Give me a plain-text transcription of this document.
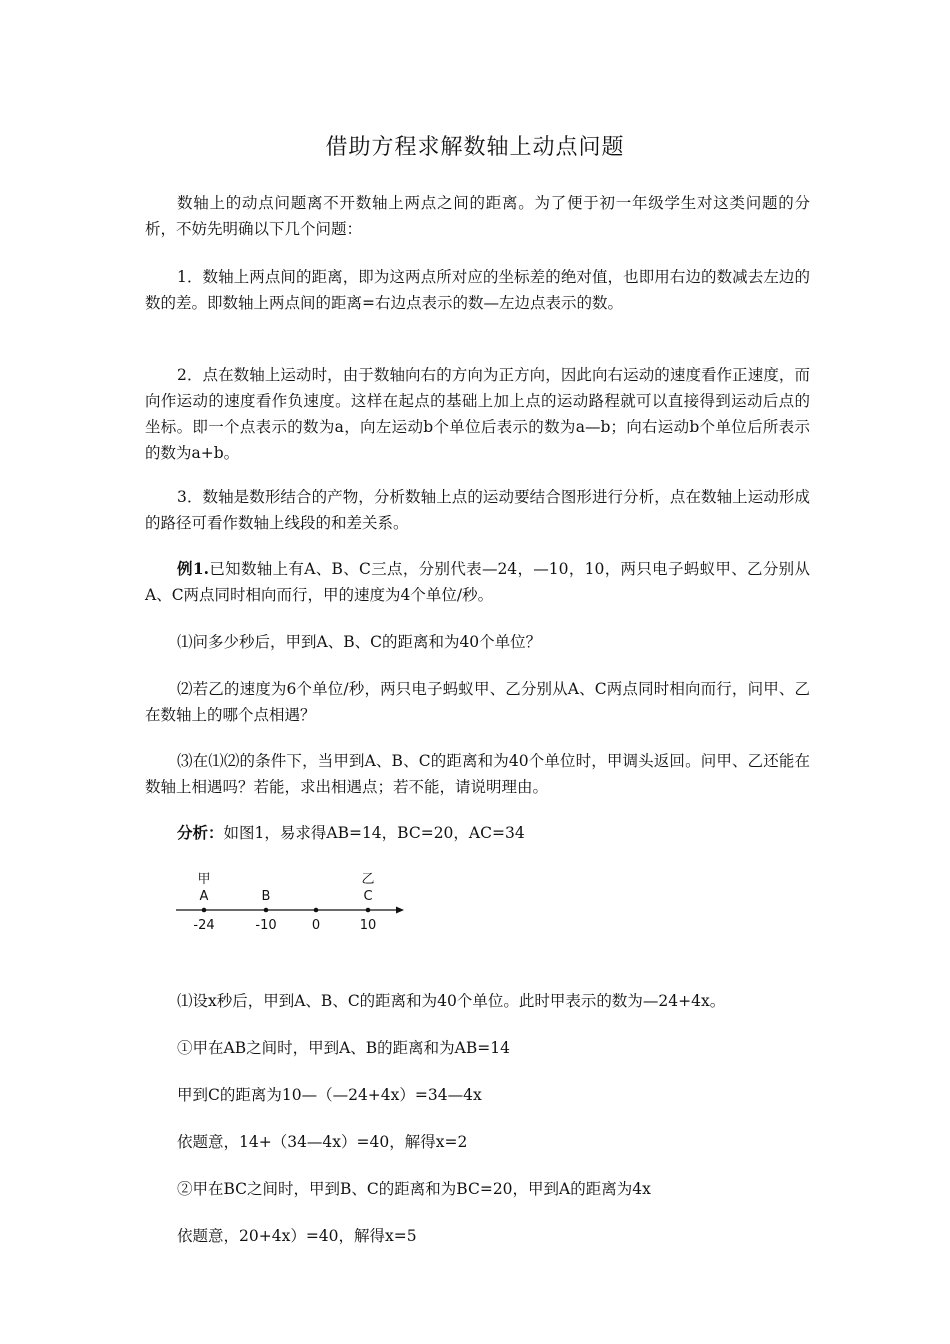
借助方程求解数轴上动点问题

数轴上的动点问题离不开数轴上两点之间的距离。为了便于初一年级学生对这类问题的分析，不妨先明确以下几个问题：

1．数轴上两点间的距离，即为这两点所对应的坐标差的绝对值，也即用右边的数减去左边的数的差。即数轴上两点间的距离=右边点表示的数—左边点表示的数。

2．点在数轴上运动时，由于数轴向右的方向为正方向，因此向右运动的速度看作正速度，而向作运动的速度看作负速度。这样在起点的基础上加上点的运动路程就可以直接得到运动后点的坐标。即一个点表示的数为a，向左运动b个单位后表示的数为a—b；向右运动b个单位后所表示的数为a+b。

3．数轴是数形结合的产物，分析数轴上点的运动要结合图形进行分析，点在数轴上运动形成的路径可看作数轴上线段的和差关系。

例1.已知数轴上有A、B、C三点，分别代表—24，—10，10，两只电子蚂蚁甲、乙分别从A、C两点同时相向而行，甲的速度为4个单位/秒。

⑴问多少秒后，甲到A、B、C的距离和为40个单位？

⑵若乙的速度为6个单位/秒，两只电子蚂蚁甲、乙分别从A、C两点同时相向而行，问甲、乙在数轴上的哪个点相遇？

⑶在⑴⑵的条件下，当甲到A、B、C的距离和为40个单位时，甲调头返回。问甲、乙还能在数轴上相遇吗？若能，求出相遇点；若不能，请说明理由。

分析：如图1，易求得AB=14，BC=20，AC=34

甲	乙
A	B	C
-24	-10	0	10

⑴设x秒后，甲到A、B、C的距离和为40个单位。此时甲表示的数为—24+4x。

①甲在AB之间时，甲到A、B的距离和为AB=14

甲到C的距离为10—（—24+4x）=34—4x

依题意，14+（34—4x）=40，解得x=2

②甲在BC之间时，甲到B、C的距离和为BC=20，甲到A的距离为4x

依题意，20+4x）=40，解得x=5
